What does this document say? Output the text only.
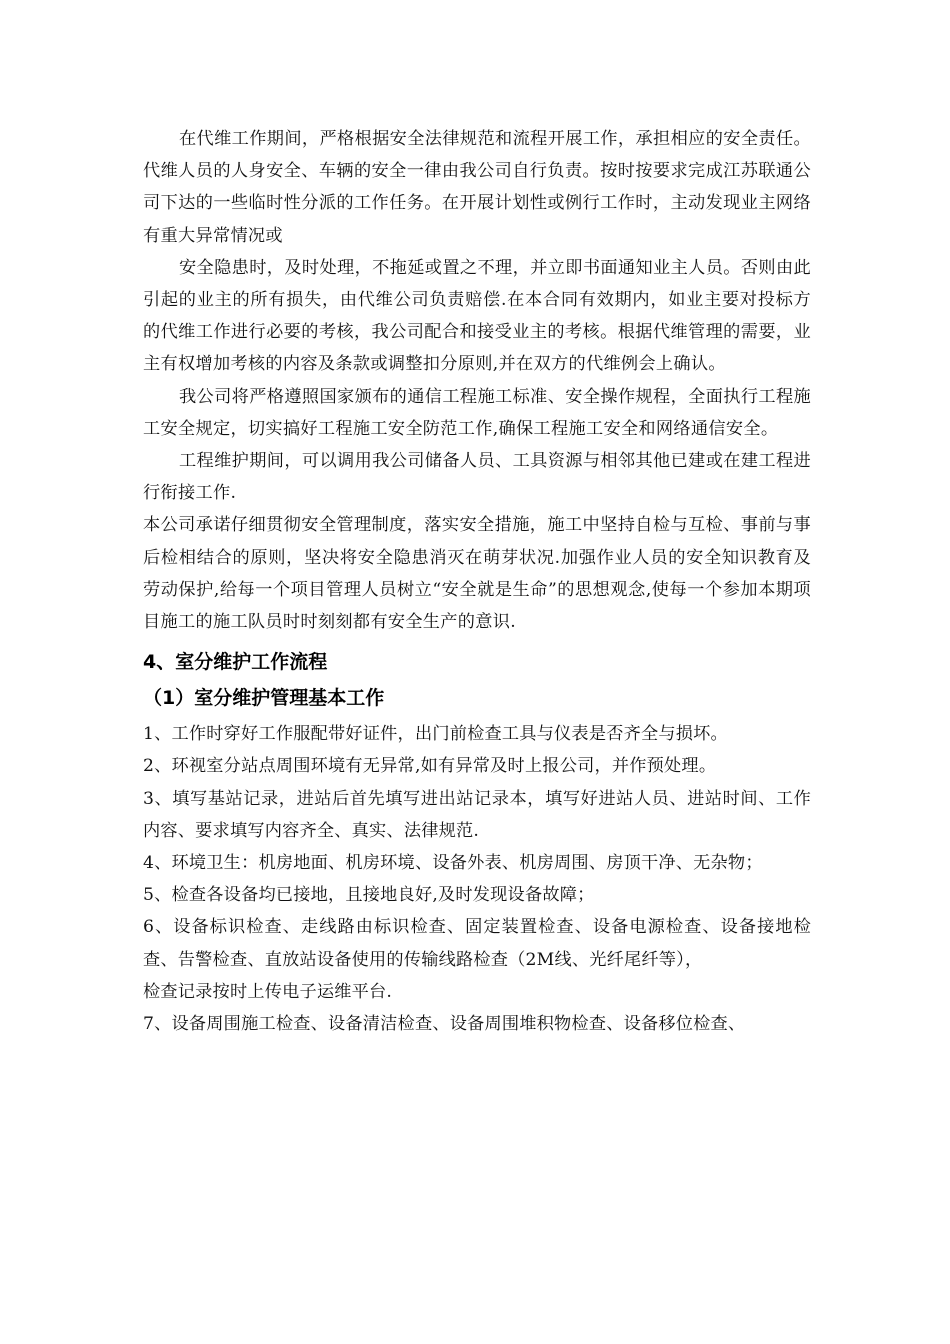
在代维工作期间，严格根据安全法律规范和流程开展工作，承担相应的安全责任。代维人员的人身安全、车辆的安全一律由我公司自行负责。按时按要求完成江苏联通公司下达的一些临时性分派的工作任务。在开展计划性或例行工作时，主动发现业主网络有重大异常情况或

安全隐患时，及时处理，不拖延或置之不理，并立即书面通知业主人员。否则由此引起的业主的所有损失，由代维公司负责赔偿.在本合同有效期内，如业主要对投标方的代维工作进行必要的考核，我公司配合和接受业主的考核。根据代维管理的需要，业主有权增加考核的内容及条款或调整扣分原则,并在双方的代维例会上确认。

我公司将严格遵照国家颁布的通信工程施工标准、安全操作规程，全面执行工程施工安全规定，切实搞好工程施工安全防范工作,确保工程施工安全和网络通信安全。

工程维护期间，可以调用我公司储备人员、工具资源与相邻其他已建或在建工程进行衔接工作.

本公司承诺仔细贯彻安全管理制度，落实安全措施，施工中坚持自检与互检、事前与事后检相结合的原则，坚决将安全隐患消灭在萌芽状况.加强作业人员的安全知识教育及劳动保护,给每一个项目管理人员树立“安全就是生命”的思想观念,使每一个参加本期项目施工的施工队员时时刻刻都有安全生产的意识.

4、室分维护工作流程
（1）室分维护管理基本工作

1、工作时穿好工作服配带好证件，出门前检查工具与仪表是否齐全与损坏。

2、环视室分站点周围环境有无异常,如有异常及时上报公司，并作预处理。

3、填写基站记录，进站后首先填写进出站记录本，填写好进站人员、进站时间、工作内容、要求填写内容齐全、真实、法律规范.

4、环境卫生：机房地面、机房环境、设备外表、机房周围、房顶干净、无杂物；

5、检查各设备均已接地，且接地良好,及时发现设备故障；

6、设备标识检查、走线路由标识检查、固定装置检查、设备电源检查、设备接地检查、告警检查、直放站设备使用的传输线路检查（2M线、光纤尾纤等），

检查记录按时上传电子运维平台.

7、设备周围施工检查、设备清洁检查、设备周围堆积物检查、设备移位检查、
